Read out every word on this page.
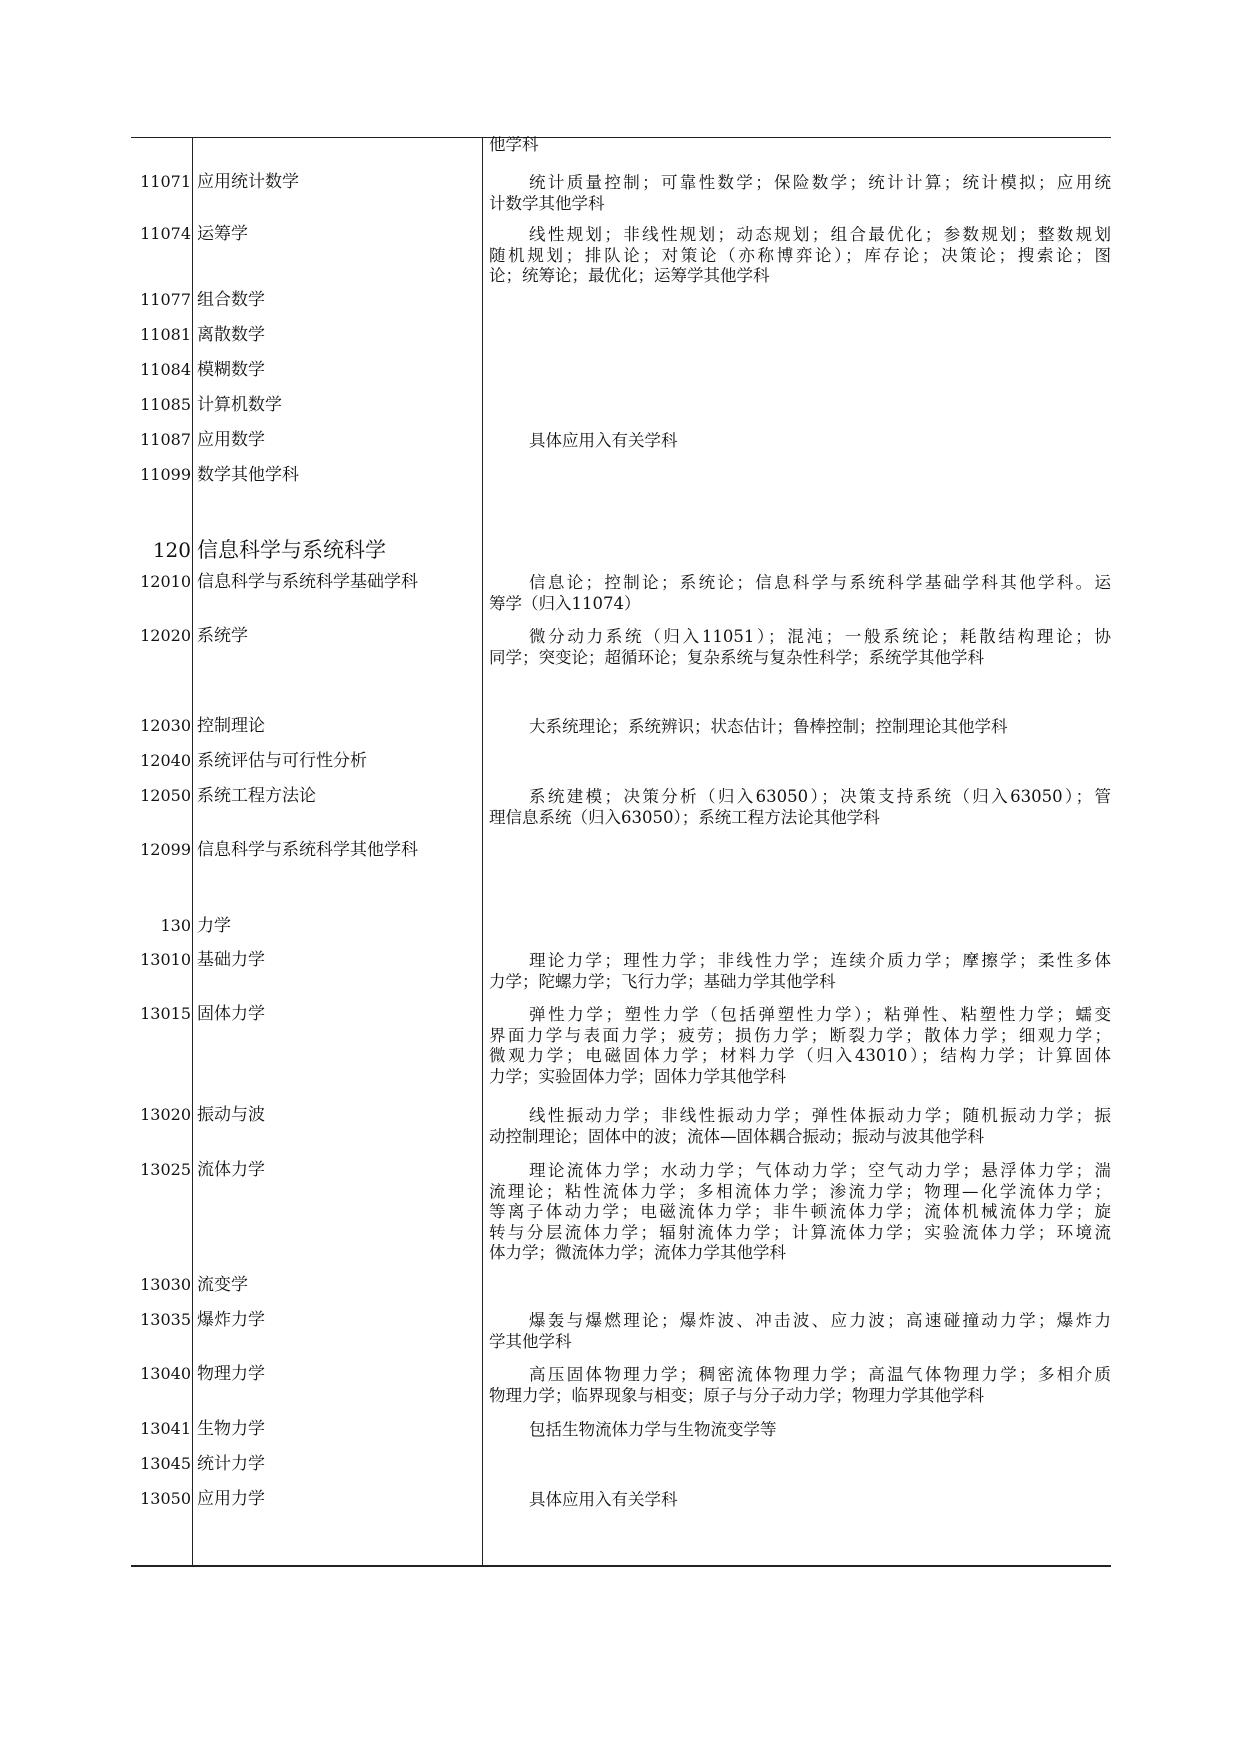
他学科
11071 应用统计数学	统计质量控制；可靠性数学；保险数学；统计计算；统计模拟；应用统
计数学其他学科
11074 运筹学	线性规划；非线性规划；动态规划；组合最优化；参数规划；整数规划
随机规划；排队论；对策论（亦称博弈论）；库存论；决策论；搜索论；图
论；统筹论；最优化；运筹学其他学科
11077 组合数学
11081 离散数学
11084 模糊数学
11085 计算机数学
11087 应用数学	具体应用入有关学科
11099 数学其他学科
120 信息科学与系统科学
12010 信息科学与系统科学基础学科	信息论；控制论；系统论；信息科学与系统科学基础学科其他学科。运
筹学（归入11074）
12020 系统学	微分动力系统（归入11051）；混沌；一般系统论；耗散结构理论；协
同学；突变论；超循环论；复杂系统与复杂性科学；系统学其他学科
12030 控制理论	大系统理论；系统辨识；状态估计；鲁棒控制；控制理论其他学科
12040 系统评估与可行性分析
12050 系统工程方法论	系统建模；决策分析（归入63050）；决策支持系统（归入63050）；管
理信息系统（归入63050）；系统工程方法论其他学科
12099 信息科学与系统科学其他学科
130 力学
13010 基础力学	理论力学；理性力学；非线性力学；连续介质力学；摩擦学；柔性多体
力学；陀螺力学；飞行力学；基础力学其他学科
13015 固体力学	弹性力学；塑性力学（包括弹塑性力学）；粘弹性、粘塑性力学；蠕变
界面力学与表面力学；疲劳；损伤力学；断裂力学；散体力学；细观力学；
微观力学；电磁固体力学；材料力学（归入43010）；结构力学；计算固体
力学；实验固体力学；固体力学其他学科
13020 振动与波	线性振动力学；非线性振动力学；弹性体振动力学；随机振动力学；振
动控制理论；固体中的波；流体—固体耦合振动；振动与波其他学科
13025 流体力学	理论流体力学；水动力学；气体动力学；空气动力学；悬浮体力学；湍
流理论；粘性流体力学；多相流体力学；渗流力学；物理—化学流体力学；
等离子体动力学；电磁流体力学；非牛顿流体力学；流体机械流体力学；旋
转与分层流体力学；辐射流体力学；计算流体力学；实验流体力学；环境流
体力学；微流体力学；流体力学其他学科
13030 流变学
13035 爆炸力学	爆轰与爆燃理论；爆炸波、冲击波、应力波；高速碰撞动力学；爆炸力
学其他学科
13040 物理力学	高压固体物理力学；稠密流体物理力学；高温气体物理力学；多相介质
物理力学；临界现象与相变；原子与分子动力学；物理力学其他学科
13041 生物力学	包括生物流体力学与生物流变学等
13045 统计力学
13050 应用力学	具体应用入有关学科
